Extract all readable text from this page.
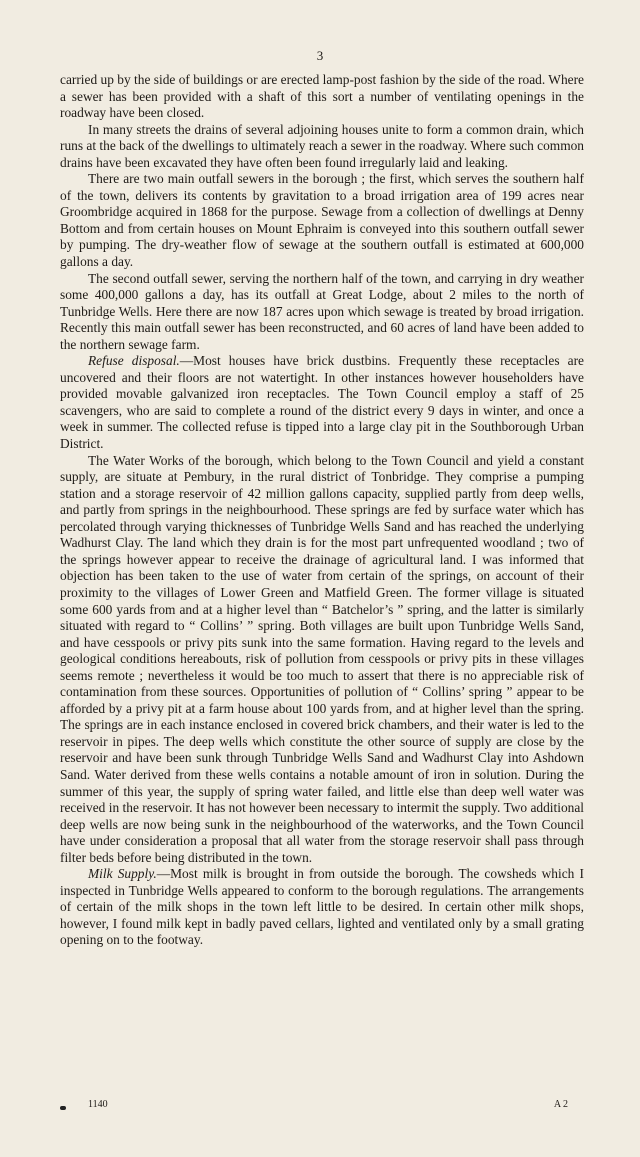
3

carried up by the side of buildings or are erected lamp-post fashion by the side of the road. Where a sewer has been provided with a shaft of this sort a number of ventilating openings in the roadway have been closed.

In many streets the drains of several adjoining houses unite to form a common drain, which runs at the back of the dwellings to ultimately reach a sewer in the roadway. Where such common drains have been excavated they have often been found irregularly laid and leaking.

There are two main outfall sewers in the borough ; the first, which serves the southern half of the town, delivers its contents by gravitation to a broad irrigation area of 199 acres near Groombridge acquired in 1868 for the purpose. Sewage from a collection of dwellings at Denny Bottom and from certain houses on Mount Ephraim is conveyed into this southern outfall sewer by pumping. The dry-weather flow of sewage at the southern outfall is estimated at 600,000 gallons a day.

The second outfall sewer, serving the northern half of the town, and carrying in dry weather some 400,000 gallons a day, has its outfall at Great Lodge, about 2 miles to the north of Tunbridge Wells. Here there are now 187 acres upon which sewage is treated by broad irrigation. Recently this main outfall sewer has been reconstructed, and 60 acres of land have been added to the northern sewage farm.

Refuse disposal.—Most houses have brick dustbins. Frequently these receptacles are uncovered and their floors are not watertight. In other instances however householders have provided movable galvanized iron receptacles. The Town Council employ a staff of 25 scavengers, who are said to complete a round of the district every 9 days in winter, and once a week in summer. The collected refuse is tipped into a large clay pit in the Southborough Urban District.

The Water Works of the borough, which belong to the Town Council and yield a constant supply, are situate at Pembury, in the rural district of Tonbridge. They comprise a pumping station and a storage reservoir of 42 million gallons capacity, supplied partly from deep wells, and partly from springs in the neighbourhood. These springs are fed by surface water which has percolated through varying thicknesses of Tunbridge Wells Sand and has reached the underlying Wadhurst Clay. The land which they drain is for the most part unfrequented woodland ; two of the springs however appear to receive the drainage of agricultural land. I was informed that objection has been taken to the use of water from certain of the springs, on account of their proximity to the villages of Lower Green and Matfield Green. The former village is situated some 600 yards from and at a higher level than “ Batchelor’s ” spring, and the latter is similarly situated with regard to “ Collins’ ” spring. Both villages are built upon Tunbridge Wells Sand, and have cesspools or privy pits sunk into the same formation. Having regard to the levels and geological conditions hereabouts, risk of pollution from cesspools or privy pits in these villages seems remote ; nevertheless it would be too much to assert that there is no appreciable risk of contamination from these sources. Opportunities of pollution of “ Collins’ spring ” appear to be afforded by a privy pit at a farm house about 100 yards from, and at higher level than the spring. The springs are in each instance enclosed in covered brick chambers, and their water is led to the reservoir in pipes. The deep wells which constitute the other source of supply are close by the reservoir and have been sunk through Tunbridge Wells Sand and Wadhurst Clay into Ashdown Sand. Water derived from these wells contains a notable amount of iron in solution. During the summer of this year, the supply of spring water failed, and little else than deep well water was received in the reservoir. It has not however been necessary to intermit the supply. Two additional deep wells are now being sunk in the neighbourhood of the waterworks, and the Town Council have under consideration a proposal that all water from the storage reservoir shall pass through filter beds before being distributed in the town.

Milk Supply.—Most milk is brought in from outside the borough. The cowsheds which I inspected in Tunbridge Wells appeared to conform to the borough regulations. The arrangements of certain of the milk shops in the town left little to be desired. In certain other milk shops, however, I found milk kept in badly paved cellars, lighted and ventilated only by a small grating opening on to the footway.

1140	A 2
